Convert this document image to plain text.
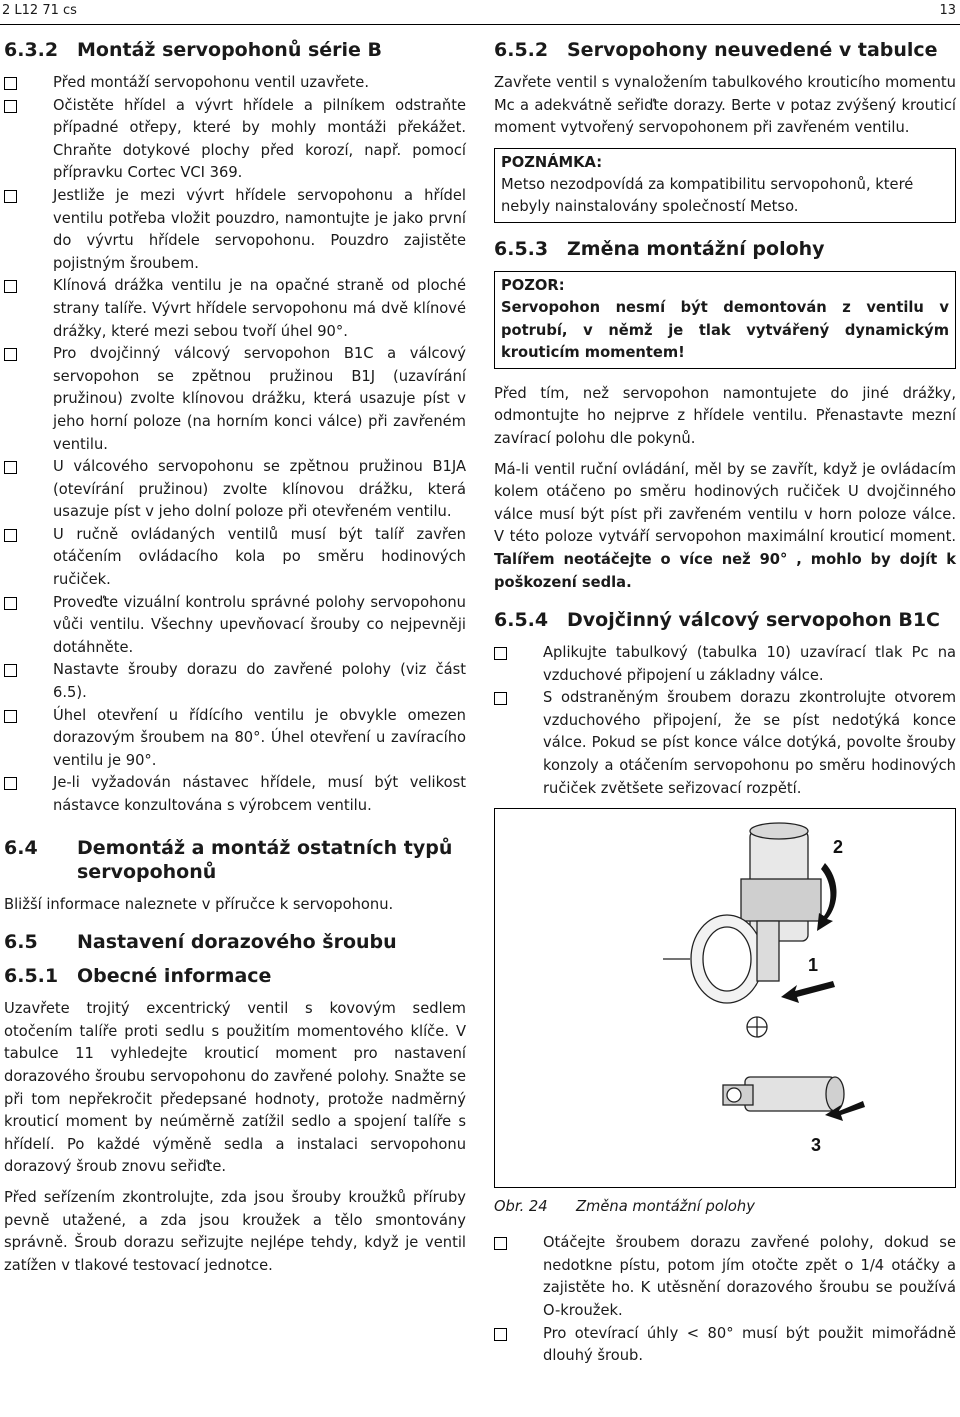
2 L12 71 cs	13
6.3.2 Montáž servopohonů série B
Před montáží servopohonu ventil uzavřete.
Očistěte hřídel a vývrt hřídele a pilníkem odstraňte případné otřepy, které by mohly montáži překážet. Chraňte dotykové plochy před korozí, např. pomocí přípravku Cortec VCI 369.
Jestliže je mezi vývrt hřídele servopohonu a hřídel ventilu potřeba vložit pouzdro, namontujte je jako první do vývrtu hřídele servopohonu. Pouzdro zajistěte pojistným šroubem.
Klínová drážka ventilu je na opačné straně od ploché strany talíře. Vývrt hřídele servopohonu má dvě klínové drážky, které mezi sebou tvoří úhel 90°.
Pro dvojčinný válcový servopohon B1C a válcový servopohon se zpětnou pružinou B1J (uzavírání pružinou) zvolte klínovou drážku, která usazuje píst v jeho horní poloze (na horním konci válce) při zavřeném ventilu.
U válcového servopohonu se zpětnou pružinou B1JA (otevírání pružinou) zvolte klínovou drážku, která usazuje píst v jeho dolní poloze při otevřeném ventilu.
U ručně ovládaných ventilů musí být talíř zavřen otáčením ovládacího kola po směru hodinových ručiček.
Proveďte vizuální kontrolu správné polohy servopohonu vůči ventilu. Všechny upevňovací šrouby co nejpevněji dotáhněte.
Nastavte šrouby dorazu do zavřené polohy (viz část 6.5).
Úhel otevření u řídícího ventilu je obvykle omezen dorazovým šroubem na 80°. Úhel otevření u zavíracího ventilu je 90°.
Je-li vyžadován nástavec hřídele, musí být velikost nástavce konzultována s výrobcem ventilu.
6.4	Demontáž a montáž ostatních typů servopohonů
Bližší informace naleznete v příručce k servopohonu.
6.5	Nastavení dorazového šroubu
6.5.1 Obecné informace
Uzavřete trojitý excentrický ventil s kovovým sedlem otočením talíře proti sedlu s použitím momentového klíče. V tabulce 11 vyhledejte krouticí moment pro nastavení dorazového šroubu servopohonu do zavřené polohy. Snažte se při tom nepřekročit předepsané hodnoty, protože nadměrný krouticí moment by neúměrně zatížil sedlo a spojení talíře s hřídelí. Po každé výměně sedla a instalaci servopohonu dorazový šroub znovu seřiďte.
Před seřízením zkontrolujte, zda jsou šrouby kroužků příruby pevně utažené, a zda jsou kroužek a tělo smontovány správně. Šroub dorazu seřizujte nejlépe tehdy, když je ventil zatížen v tlakové testovací jednotce.
6.5.2 Servopohony neuvedené v tabulce
Zavřete ventil s vynaložením tabulkového krouticího momentu Mc a adekvátně seřiďte dorazy. Berte v potaz zvýšený krouticí moment vytvořený servopohonem při zavřeném ventilu.
POZNÁMKA:
Metso nezodpovídá za kompatibilitu servopohonů, které nebyly nainstalovány společností Metso.
6.5.3 Změna montážní polohy
POZOR:
Servopohon nesmí být demontován z ventilu v potrubí, v němž je tlak vytvářený dynamickým krouticím momentem!
Před tím, než servopohon namontujete do jiné drážky, odmontujte ho nejprve z hřídele ventilu. Přenastavte mezní zavírací polohu dle pokynů.
Má-li ventil ruční ovládání, měl by se zavřít, když je ovládacím kolem otáčeno po směru hodinových ručiček U dvojčinného válce musí být píst při zavřeném ventilu v horn poloze válce. V této poloze vytváří servopohon maximální krouticí moment. Talířem neotáčejte o více než 90° , mohlo by dojít k poškození sedla.
6.5.4 Dvojčinný válcový servopohon B1C
Aplikujte tabulkový (tabulka 10) uzavírací tlak Pc na vzduchové připojení u základny válce.
S odstraněným šroubem dorazu zkontrolujte otvorem vzduchového připojení, že se píst nedotýká konce válce. Pokud se píst konce válce dotýká, povolte šrouby konzoly a otáčením servopohonu po směru hodinových ručiček zvětšete seřizovací rozpětí.
2
1
3
Obr. 24	Změna montážní polohy
Otáčejte šroubem dorazu zavřené polohy, dokud se nedotkne pístu, potom jím otočte zpět o 1/4 otáčky a zajistěte ho. K utěsnění dorazového šroubu se používá O-kroužek.
Pro otevírací úhly < 80° musí být použit mimořádně dlouhý šroub.
